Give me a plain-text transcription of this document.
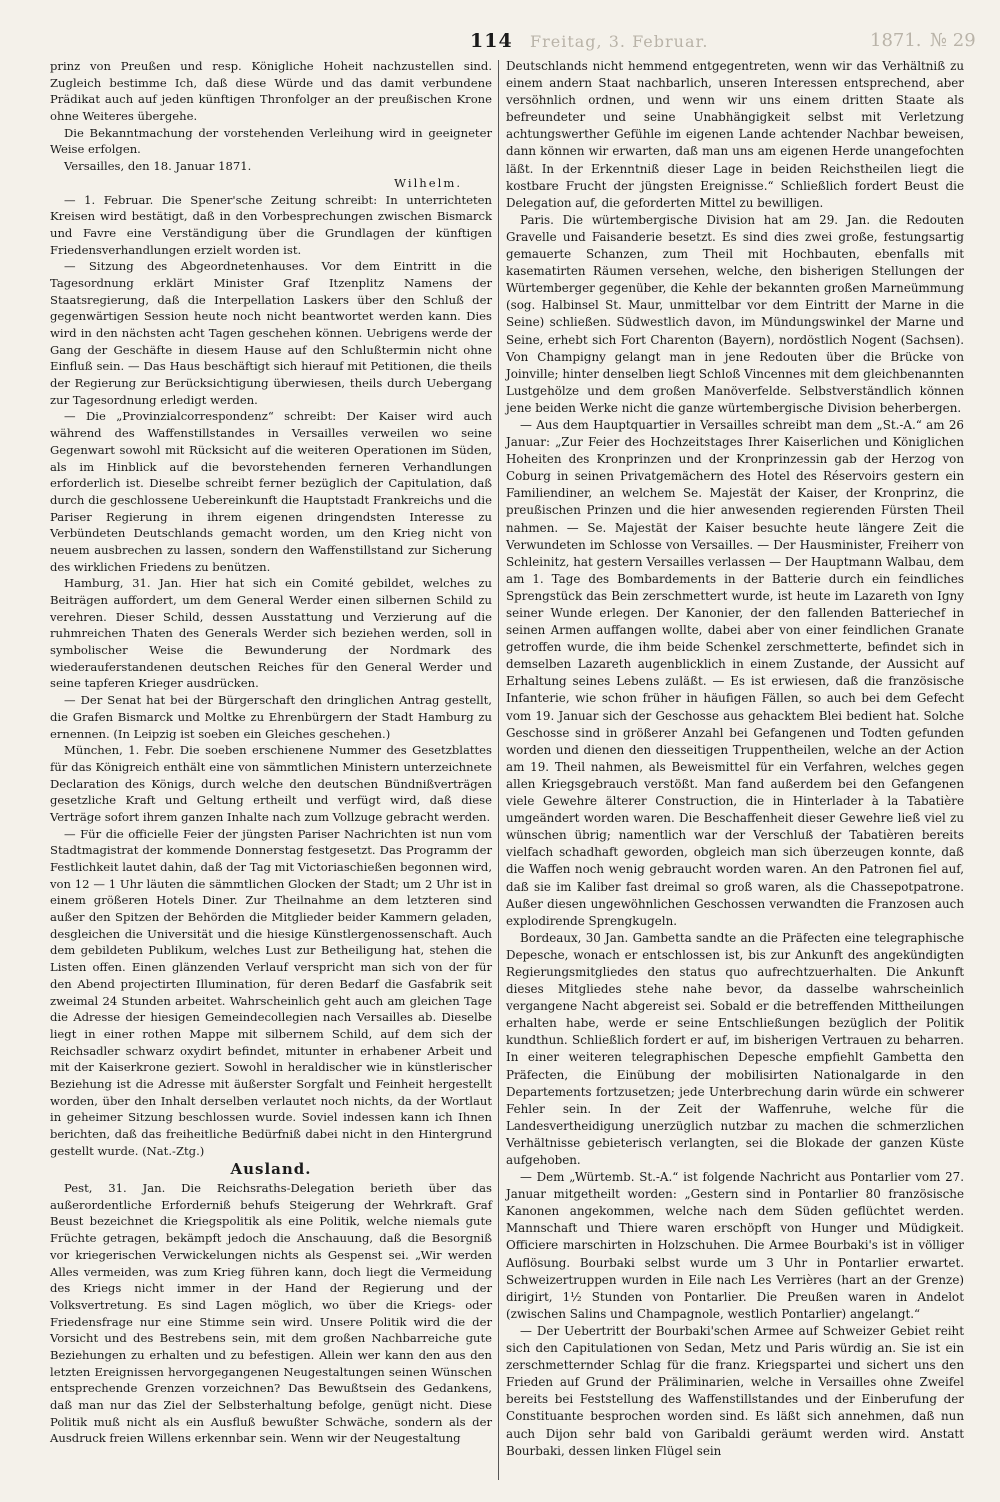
114 Freitag, 3. Februar.	1871. № 29

prinz von Preußen und resp. Königliche Hoheit nachzustellen sind. Zugleich bestimme Ich, daß diese Würde und das damit verbundene Prädikat auch auf jeden künftigen Thronfolger an der preußischen Krone ohne Weiteres übergehe.

Die Bekanntmachung der vorstehenden Verleihung wird in geeigneter Weise erfolgen.

Versailles, den 18. Januar 1871.

Wilhelm.

— 1. Februar. Die Spener'sche Zeitung schreibt: In unterrichteten Kreisen wird bestätigt, daß in den Vorbesprechungen zwischen Bismarck und Favre eine Verständigung über die Grundlagen der künftigen Friedensverhandlungen erzielt worden ist.

— Sitzung des Abgeordnetenhauses. Vor dem Eintritt in die Tagesordnung erklärt Minister Graf Itzenplitz Namens der Staatsregierung, daß die Interpellation Laskers über den Schluß der gegenwärtigen Session heute noch nicht beantwortet werden kann. Dies wird in den nächsten acht Tagen geschehen können. Uebrigens werde der Gang der Geschäfte in diesem Hause auf den Schlußtermin nicht ohne Einfluß sein. — Das Haus beschäftigt sich hierauf mit Petitionen, die theils der Regierung zur Berücksichtigung überwiesen, theils durch Uebergang zur Tagesordnung erledigt werden.

— Die „Provinzialcorrespondenz“ schreibt: Der Kaiser wird auch während des Waffenstillstandes in Versailles verweilen wo seine Gegenwart sowohl mit Rücksicht auf die weiteren Operationen im Süden, als im Hinblick auf die bevorstehenden ferneren Verhandlungen erforderlich ist. Dieselbe schreibt ferner bezüglich der Capitulation, daß durch die geschlossene Uebereinkunft die Hauptstadt Frankreichs und die Pariser Regierung in ihrem eigenen dringendsten Interesse zu Verbündeten Deutschlands gemacht worden, um den Krieg nicht von neuem ausbrechen zu lassen, sondern den Waffenstillstand zur Sicherung des wirklichen Friedens zu benützen.

Hamburg, 31. Jan. Hier hat sich ein Comité gebildet, welches zu Beiträgen auffordert, um dem General Werder einen silbernen Schild zu verehren. Dieser Schild, dessen Ausstattung und Verzierung auf die ruhmreichen Thaten des Generals Werder sich beziehen werden, soll in symbolischer Weise die Bewunderung der Nordmark des wiederauferstandenen deutschen Reiches für den General Werder und seine tapferen Krieger ausdrücken.

— Der Senat hat bei der Bürgerschaft den dringlichen Antrag gestellt, die Grafen Bismarck und Moltke zu Ehrenbürgern der Stadt Hamburg zu ernennen. (In Leipzig ist soeben ein Gleiches geschehen.)

München, 1. Febr. Die soeben erschienene Nummer des Gesetzblattes für das Königreich enthält eine von sämmtlichen Ministern unterzeichnete Declaration des Königs, durch welche den deutschen Bündnißverträgen gesetzliche Kraft und Geltung ertheilt und verfügt wird, daß diese Verträge sofort ihrem ganzen Inhalte nach zum Vollzuge gebracht werden.

— Für die officielle Feier der jüngsten Pariser Nachrichten ist nun vom Stadtmagistrat der kommende Donnerstag festgesetzt. Das Programm der Festlichkeit lautet dahin, daß der Tag mit Victoriaschießen begonnen wird, von 12 — 1 Uhr läuten die sämmtlichen Glocken der Stadt; um 2 Uhr ist in einem größeren Hotels Diner. Zur Theilnahme an dem letzteren sind außer den Spitzen der Behörden die Mitglieder beider Kammern geladen, desgleichen die Universität und die hiesige Künstlergenossenschaft. Auch dem gebildeten Publikum, welches Lust zur Betheiligung hat, stehen die Listen offen. Einen glänzenden Verlauf verspricht man sich von der für den Abend projectirten Illumination, für deren Bedarf die Gasfabrik seit zweimal 24 Stunden arbeitet. Wahrscheinlich geht auch am gleichen Tage die Adresse der hiesigen Gemeindecollegien nach Versailles ab. Dieselbe liegt in einer rothen Mappe mit silbernem Schild, auf dem sich der Reichsadler schwarz oxydirt befindet, mitunter in erhabener Arbeit und mit der Kaiserkrone geziert. Sowohl in heraldischer wie in künstlerischer Beziehung ist die Adresse mit äußerster Sorgfalt und Feinheit hergestellt worden, über den Inhalt derselben verlautet noch nichts, da der Wortlaut in geheimer Sitzung beschlossen wurde. Soviel indessen kann ich Ihnen berichten, daß das freiheitliche Bedürfniß dabei nicht in den Hintergrund gestellt wurde. (Nat.-Ztg.)

Ausland.

Pest, 31. Jan. Die Reichsraths-Delegation berieth über das außerordentliche Erforderniß behufs Steigerung der Wehrkraft. Graf Beust bezeichnet die Kriegspolitik als eine Politik, welche niemals gute Früchte getragen, bekämpft jedoch die Anschauung, daß die Besorgniß vor kriegerischen Verwickelungen nichts als Gespenst sei. „Wir werden Alles vermeiden, was zum Krieg führen kann, doch liegt die Vermeidung des Kriegs nicht immer in der Hand der Regierung und der Volksvertretung. Es sind Lagen möglich, wo über die Kriegs- oder Friedensfrage nur eine Stimme sein wird. Unsere Politik wird die der Vorsicht und des Bestrebens sein, mit dem großen Nachbarreiche gute Beziehungen zu erhalten und zu befestigen. Allein wer kann den aus den letzten Ereignissen hervorgegangenen Neugestaltungen seinen Wünschen entsprechende Grenzen vorzeichnen? Das Bewußtsein des Gedankens, daß man nur das Ziel der Selbsterhaltung befolge, genügt nicht. Diese Politik muß nicht als ein Ausfluß bewußter Schwäche, sondern als der Ausdruck freien Willens erkennbar sein. Wenn wir der Neugestaltung

Deutschlands nicht hemmend entgegentreten, wenn wir das Verhältniß zu einem andern Staat nachbarlich, unseren Interessen entsprechend, aber versöhnlich ordnen, und wenn wir uns einem dritten Staate als befreundeter und seine Unabhängigkeit selbst mit Verletzung achtungswerther Gefühle im eigenen Lande achtender Nachbar beweisen, dann können wir erwarten, daß man uns am eigenen Herde unangefochten läßt. In der Erkenntniß dieser Lage in beiden Reichstheilen liegt die kostbare Frucht der jüngsten Ereignisse.“ Schließlich fordert Beust die Delegation auf, die geforderten Mittel zu bewilligen.

Paris. Die würtembergische Division hat am 29. Jan. die Redouten Gravelle und Faisanderie besetzt. Es sind dies zwei große, festungsartig gemauerte Schanzen, zum Theil mit Hochbauten, ebenfalls mit kasematirten Räumen versehen, welche, den bisherigen Stellungen der Würtemberger gegenüber, die Kehle der bekannten großen Marneümmung (sog. Halbinsel St. Maur, unmittelbar vor dem Eintritt der Marne in die Seine) schließen. Südwestlich davon, im Mündungswinkel der Marne und Seine, erhebt sich Fort Charenton (Bayern), nordöstlich Nogent (Sachsen). Von Champigny gelangt man in jene Redouten über die Brücke von Joinville; hinter denselben liegt Schloß Vincennes mit dem gleichbenannten Lustgehölze und dem großen Manöverfelde. Selbstverständlich können jene beiden Werke nicht die ganze würtembergische Division beherbergen.

— Aus dem Hauptquartier in Versailles schreibt man dem „St.-A.“ am 26 Januar: „Zur Feier des Hochzeitstages Ihrer Kaiserlichen und Königlichen Hoheiten des Kronprinzen und der Kronprinzessin gab der Herzog von Coburg in seinen Privatgemächern des Hotel des Réservoirs gestern ein Familiendiner, an welchem Se. Majestät der Kaiser, der Kronprinz, die preußischen Prinzen und die hier anwesenden regierenden Fürsten Theil nahmen. — Se. Majestät der Kaiser besuchte heute längere Zeit die Verwundeten im Schlosse von Versailles. — Der Hausminister, Freiherr von Schleinitz, hat gestern Versailles verlassen — Der Hauptmann Walbau, dem am 1. Tage des Bombardements in der Batterie durch ein feindliches Sprengstück das Bein zerschmettert wurde, ist heute im Lazareth von Igny seiner Wunde erlegen. Der Kanonier, der den fallenden Batteriechef in seinen Armen auffangen wollte, dabei aber von einer feindlichen Granate getroffen wurde, die ihm beide Schenkel zerschmetterte, befindet sich in demselben Lazareth augenblicklich in einem Zustande, der Aussicht auf Erhaltung seines Lebens zuläßt. — Es ist erwiesen, daß die französische Infanterie, wie schon früher in häufigen Fällen, so auch bei dem Gefecht vom 19. Januar sich der Geschosse aus gehacktem Blei bedient hat. Solche Geschosse sind in größerer Anzahl bei Gefangenen und Todten gefunden worden und dienen den diesseitigen Truppentheilen, welche an der Action am 19. Theil nahmen, als Beweismittel für ein Verfahren, welches gegen allen Kriegsgebrauch verstößt. Man fand außerdem bei den Gefangenen viele Gewehre älterer Construction, die in Hinterlader à la Tabatière umgeändert worden waren. Die Beschaffenheit dieser Gewehre ließ viel zu wünschen übrig; namentlich war der Verschluß der Tabatièren bereits vielfach schadhaft geworden, obgleich man sich überzeugen konnte, daß die Waffen noch wenig gebraucht worden waren. An den Patronen fiel auf, daß sie im Kaliber fast dreimal so groß waren, als die Chassepotpatrone. Außer diesen ungewöhnlichen Geschossen verwandten die Franzosen auch explodirende Sprengkugeln.

Bordeaux, 30 Jan. Gambetta sandte an die Präfecten eine telegraphische Depesche, wonach er entschlossen ist, bis zur Ankunft des angekündigten Regierungsmitgliedes den status quo aufrechtzuerhalten. Die Ankunft dieses Mitgliedes stehe nahe bevor, da dasselbe wahrscheinlich vergangene Nacht abgereist sei. Sobald er die betreffenden Mittheilungen erhalten habe, werde er seine Entschließungen bezüglich der Politik kundthun. Schließlich fordert er auf, im bisherigen Vertrauen zu beharren. In einer weiteren telegraphischen Depesche empfiehlt Gambetta den Präfecten, die Einübung der mobilisirten Nationalgarde in den Departements fortzusetzen; jede Unterbrechung darin würde ein schwerer Fehler sein. In der Zeit der Waffenruhe, welche für die Landesvertheidigung unerzüglich nutzbar zu machen die schmerzlichen Verhältnisse gebieterisch verlangten, sei die Blokade der ganzen Küste aufgehoben.

— Dem „Würtemb. St.-A.“ ist folgende Nachricht aus Pontarlier vom 27. Januar mitgetheilt worden: „Gestern sind in Pontarlier 80 französische Kanonen angekommen, welche nach dem Süden geflüchtet werden. Mannschaft und Thiere waren erschöpft von Hunger und Müdigkeit. Officiere marschirten in Holzschuhen. Die Armee Bourbaki's ist in völliger Auflösung. Bourbaki selbst wurde um 3 Uhr in Pontarlier erwartet. Schweizertruppen wurden in Eile nach Les Verrières (hart an der Grenze) dirigirt, 1½ Stunden von Pontarlier. Die Preußen waren in Andelot (zwischen Salins und Champagnole, westlich Pontarlier) angelangt.“

— Der Uebertritt der Bourbaki'schen Armee auf Schweizer Gebiet reiht sich den Capitulationen von Sedan, Metz und Paris würdig an. Sie ist ein zerschmetternder Schlag für die franz. Kriegspartei und sichert uns den Frieden auf Grund der Präliminarien, welche in Versailles ohne Zweifel bereits bei Feststellung des Waffenstillstandes und der Einberufung der Constituante besprochen worden sind. Es läßt sich annehmen, daß nun auch Dijon sehr bald von Garibaldi geräumt werden wird. Anstatt Bourbaki, dessen linken Flügel sein
